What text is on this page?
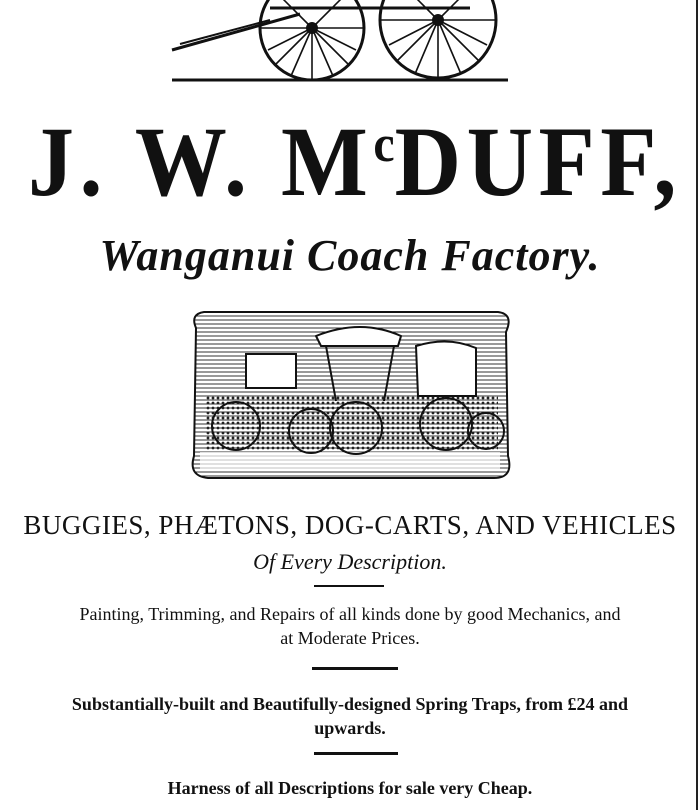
J. W. $M^cDUFF$,
Wanganui Coach Factory.
BUGGIES, PHÆTONS, DOG-CARTS, AND VEHICLES
Of Every Description.
Painting, Trimming, and Repairs of all kinds done by good Mechanics, and
at Moderate Prices.
Substantially-built and Beautifully-designed Spring Traps, from £24 and
upwards.
Harness of all Descriptions for sale very Cheap.
